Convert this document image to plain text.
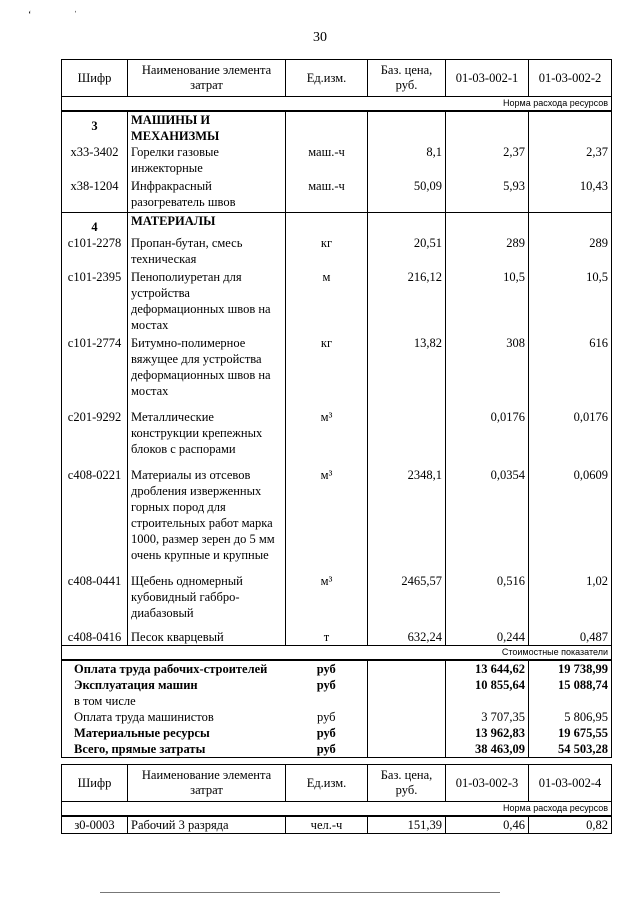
ʻ ˈ
30
Шифр	Наименование элемента затрат	Ед.изм.	Баз. цена, руб.	01-03-002-1	01-03-002-2
Норма расхода ресурсов					
3	МАШИНЫ И МЕХАНИЗМЫ				
х33-3402	Горелки газовые инжекторные	маш.-ч	8,1	2,37	2,37
х38-1204	Инфракрасный разогреватель швов	маш.-ч	50,09	5,93	10,43
4	МАТЕРИАЛЫ				
с101-2278	Пропан-бутан, смесь техническая	кг	20,51	289	289
с101-2395	Пенополиуретан для устройства деформационных швов на мостах	м	216,12	10,5	10,5
с101-2774	Битумно-полимерное вяжущее для устройства деформационных швов на мостах	кг	13,82	308	616
с201-9292	Металлические конструкции крепежных блоков с распорами	м³		0,0176	0,0176
с408-0221	Материалы из отсевов дробления изверженных горных пород для строительных работ марка 1000, размер зерен до 5 мм очень крупные и крупные	м³	2348,1	0,0354	0,0609
с408-0441	Щебень одномерный кубовидный габбро-диабазовый	м³	2465,57	0,516	1,02
с408-0416	Песок кварцевый	т	632,24	0,244	0,487
Стоимостные показатели					
Оплата труда рабочих-строителей		руб		13 644,62	19 738,99
Эксплуатация машин		руб		10 855,64	15 088,74
в том числе					
Оплата труда машинистов		руб		3 707,35	5 806,95
Материальные ресурсы		руб		13 962,83	19 675,55
Всего, прямые затраты		руб		38 463,09	54 503,28
Шифр	Наименование элемента затрат	Ед.изм.	Баз. цена, руб.	01-03-002-3	01-03-002-4
Норма расхода ресурсов					
з0-0003	Рабочий 3 разряда	чел.-ч	151,39	0,46	0,82
